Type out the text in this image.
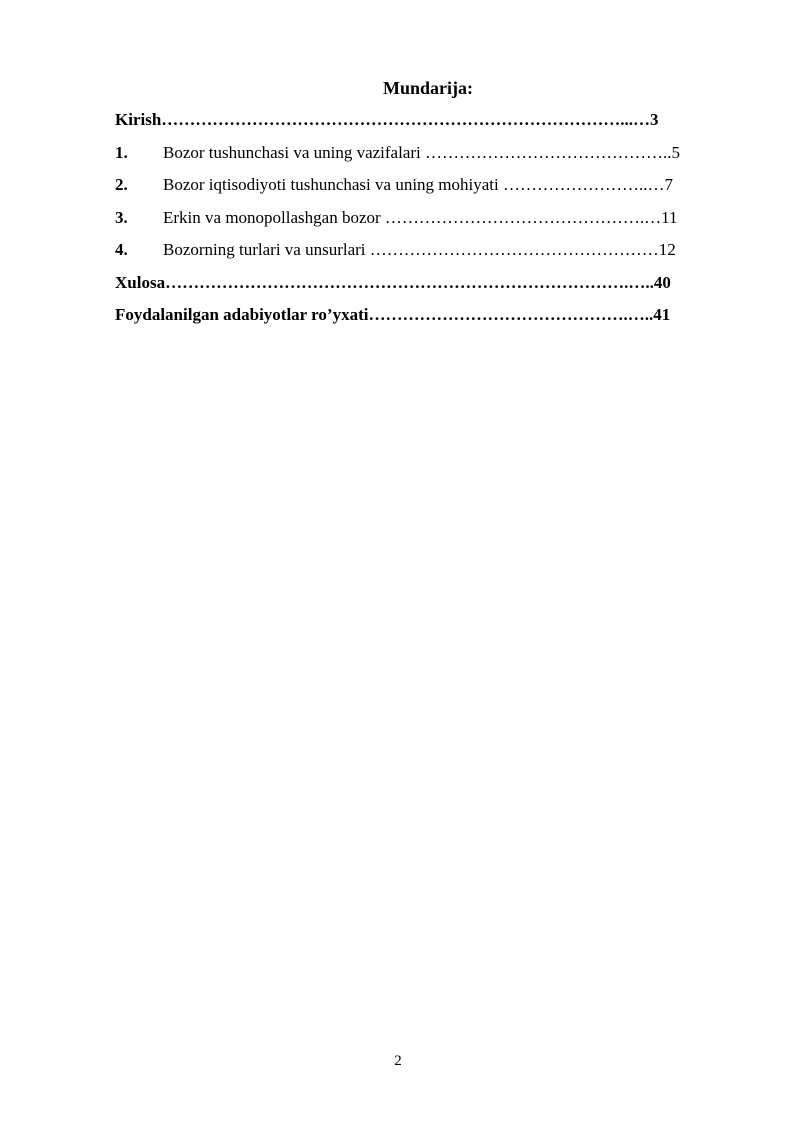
Mundarija:
Kirish………………………………………………………………………...…3
1. Bozor tushunchasi va uning vazifalari ……………………………………..5
2. Bozor iqtisodiyoti tushunchasi va uning mohiyati ……………………..…7
3. Erkin va monopollashgan bozor ……………………………………….…11
4. Bozorning turlari va unsurlari ……………………………………………12
Xulosa……………………………………………………………………….…..40
Foydalanilgan adabiyotlar ro’yxati……………………………………….…..41
2
